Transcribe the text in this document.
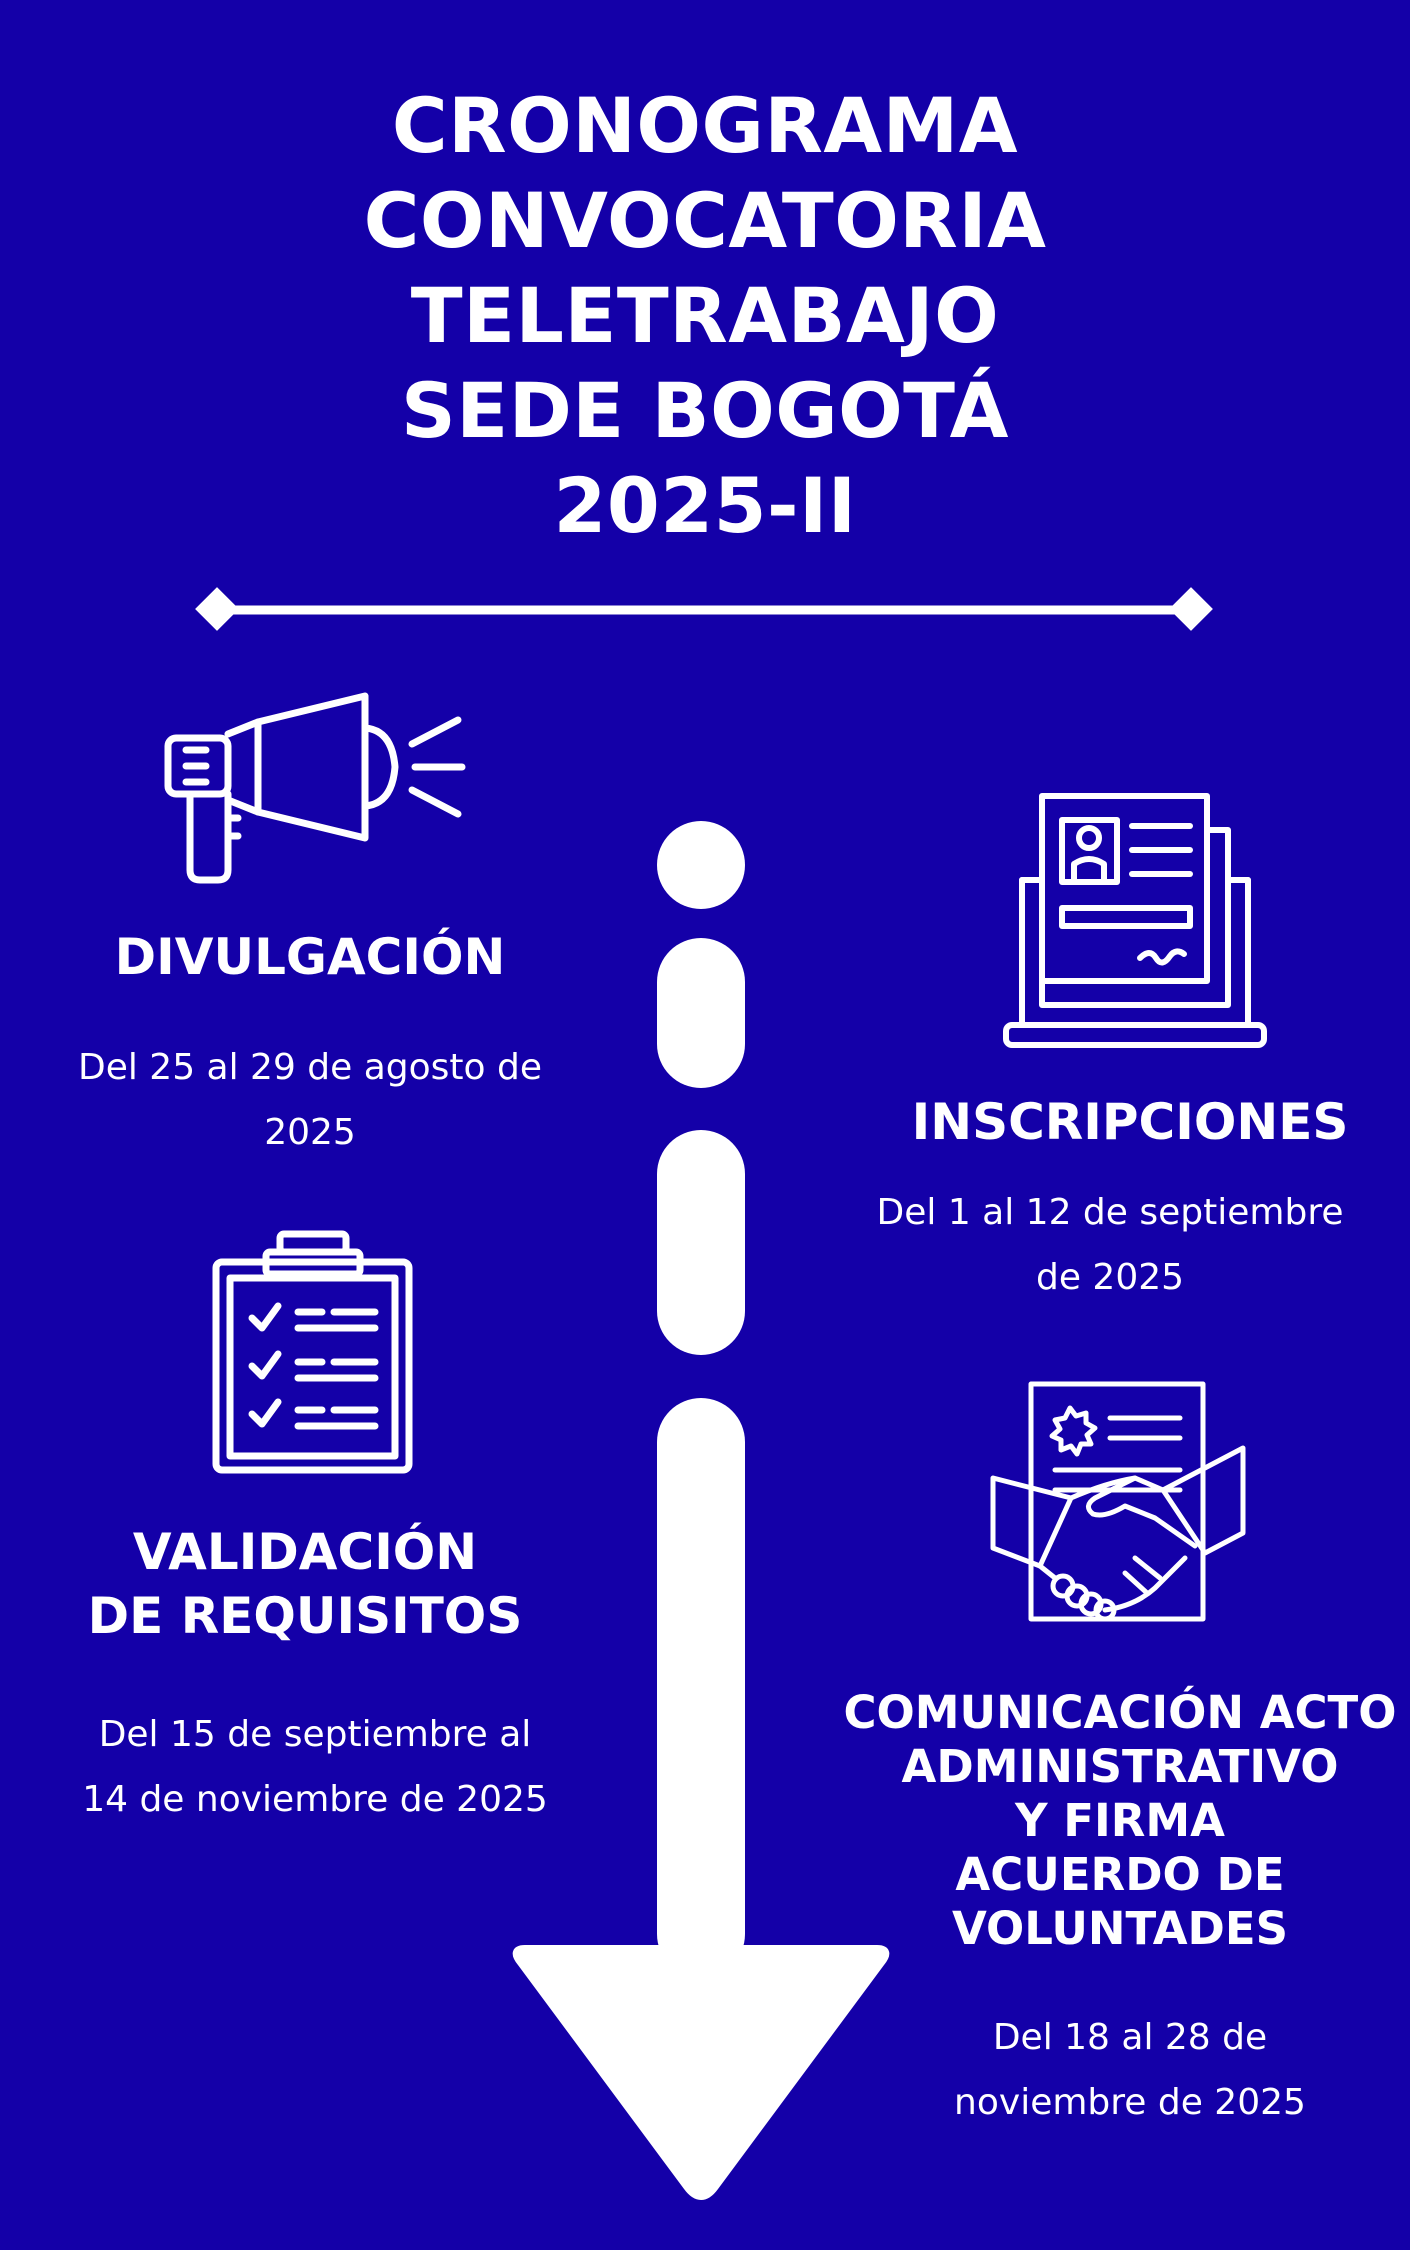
CRONOGRAMA
CONVOCATORIA
TELETRABAJO
SEDE BOGOTÁ
2025-II
DIVULGACIÓN
Del 25 al 29 de agosto de
2025	INSCRIPCIONES
Del 1 al 12 de septiembre
de 2025
VALIDACIÓN
DE REQUISITOS
Del 15 de septiembre al
14 de noviembre de 2025
COMUNICACIÓN ACTO
ADMINISTRATIVO
Y FIRMA
ACUERDO DE
VOLUNTADES
Del 18 al 28 de
noviembre de 2025
